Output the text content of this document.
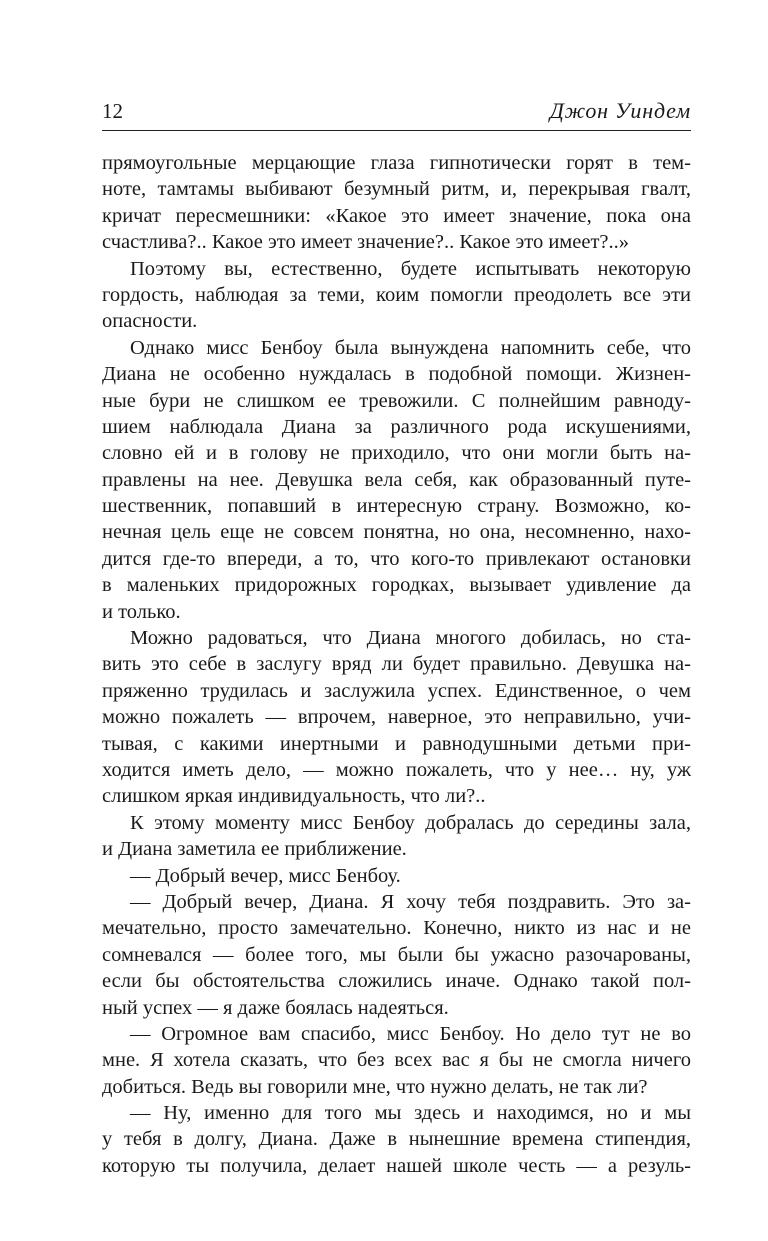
12	Джон Уиндем
прямоугольные мерцающие глаза гипнотически горят в тем-
ноте, тамтамы выбивают безумный ритм, и, перекрывая гвалт,
кричат пересмешники: «Какое это имеет значение, пока она
счастлива?.. Какое это имеет значение?.. Какое это имеет?..»
Поэтому вы, естественно, будете испытывать некоторую
гордость, наблюдая за теми, коим помогли преодолеть все эти
опасности.
Однако мисс Бенбоу была вынуждена напомнить себе, что
Диана не особенно нуждалась в подобной помощи. Жизнен-
ные бури не слишком ее тревожили. С полнейшим равноду-
шием наблюдала Диана за различного рода искушениями,
словно ей и в голову не приходило, что они могли быть на-
правлены на нее. Девушка вела себя, как образованный путе-
шественник, попавший в интересную страну. Возможно, ко-
нечная цель еще не совсем понятна, но она, несомненно, нахо-
дится где-то впереди, а то, что кого-то привлекают остановки
в маленьких придорожных городках, вызывает удивление да
и только.
Можно радоваться, что Диана многого добилась, но ста-
вить это себе в заслугу вряд ли будет правильно. Девушка на-
пряженно трудилась и заслужила успех. Единственное, о чем
можно пожалеть — впрочем, наверное, это неправильно, учи-
тывая, с какими инертными и равнодушными детьми при-
ходится иметь дело, — можно пожалеть, что у нее… ну, уж
слишком яркая индивидуальность, что ли?..
К этому моменту мисс Бенбоу добралась до середины зала,
и Диана заметила ее приближение.
— Добрый вечер, мисс Бенбоу.
— Добрый вечер, Диана. Я хочу тебя поздравить. Это за-
мечательно, просто замечательно. Конечно, никто из нас и не
сомневался — более того, мы были бы ужасно разочарованы,
если бы обстоятельства сложились иначе. Однако такой пол-
ный успех — я даже боялась надеяться.
— Огромное вам спасибо, мисс Бенбоу. Но дело тут не во
мне. Я хотела сказать, что без всех вас я бы не смогла ничего
добиться. Ведь вы говорили мне, что нужно делать, не так ли?
— Ну, именно для того мы здесь и находимся, но и мы
у тебя в долгу, Диана. Даже в нынешние времена стипендия,
которую ты получила, делает нашей школе честь — а резуль-
